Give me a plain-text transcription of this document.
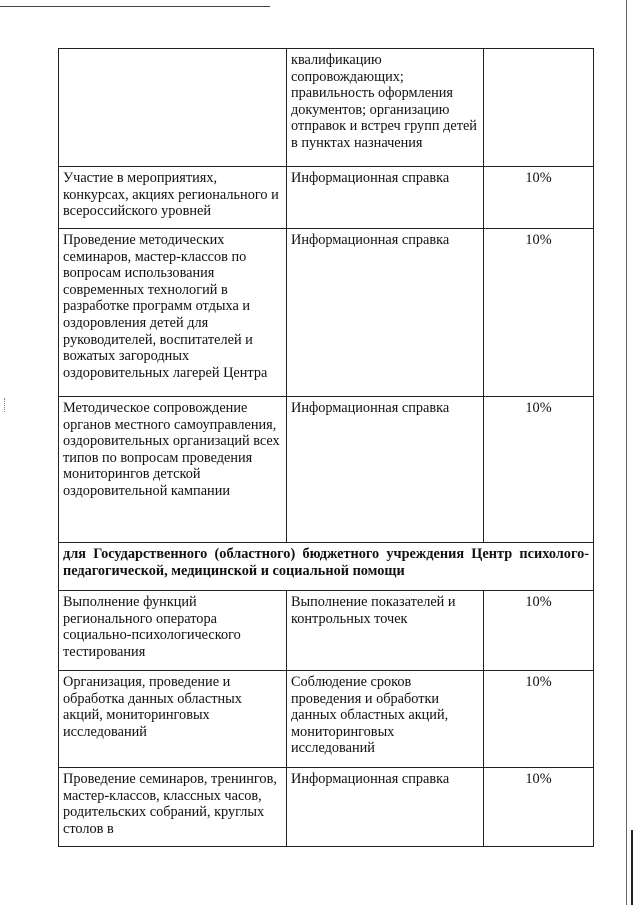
	квалификацию сопровождающих; правильность оформления документов; организацию отправок и встреч групп детей в пунктах назначения	
Участие в мероприятиях, конкурсах, акциях регионального и всероссийского уровней	Информационная справка	10%
Проведение методических семинаров, мастер-классов по вопросам использования современных технологий в разработке программ отдыха и оздоровления детей для руководителей, воспитателей и вожатых загородных оздоровительных лагерей Центра	Информационная справка	10%
Методическое сопровождение органов местного самоуправления, оздоровительных организаций всех типов по вопросам проведения мониторингов детской оздоровительной кампании	Информационная справка	10%
для Государственного (областного) бюджетного учреждения Центр психолого-педагогической, медицинской и социальной помощи		
Выполнение функций регионального оператора социально-психологического тестирования	Выполнение показателей и контрольных точек	10%
Организация, проведение и обработка данных областных акций, мониторинговых исследований	Соблюдение сроков проведения и обработки данных областных акций, мониторинговых исследований	10%
Проведение семинаров, тренингов, мастер-классов, классных часов, родительских собраний, круглых столов в	Информационная справка	10%
